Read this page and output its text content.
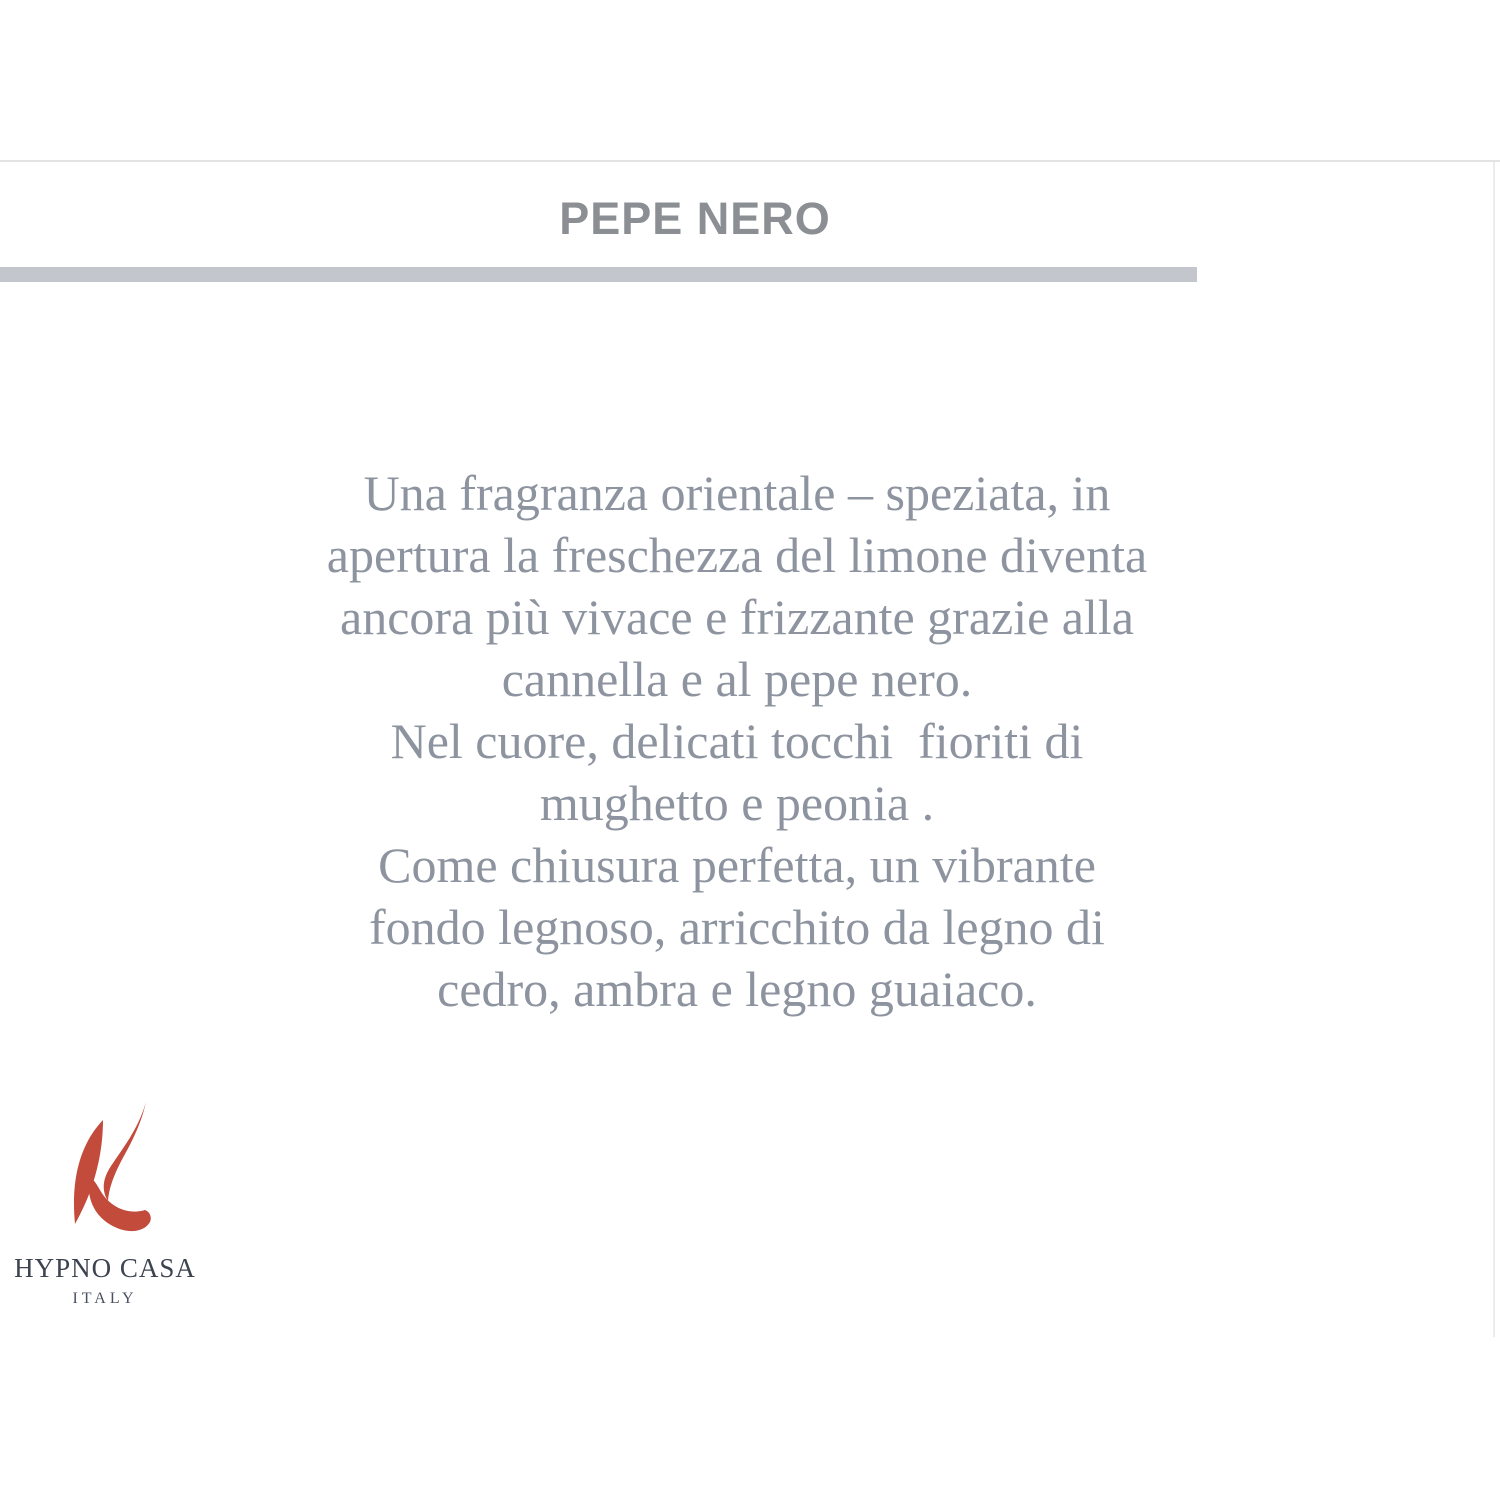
PEPE NERO
Una fragranza orientale – speziata, in
apertura la freschezza del limone diventa
ancora più vivace e frizzante grazie alla
cannella e al pepe nero.
Nel cuore, delicati tocchi  fioriti di
mughetto e peonia .
Come chiusura perfetta, un vibrante
fondo legnoso, arricchito da legno di
cedro, ambra e legno guaiaco.
HYPNO CASA
ITALY
